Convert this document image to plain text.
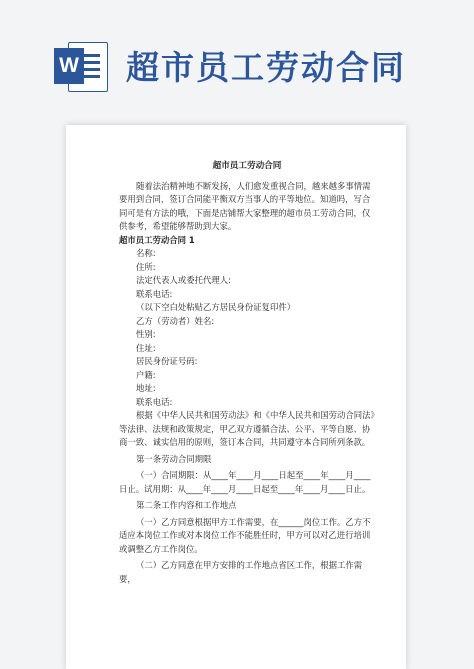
W 超市员工劳动合同

超市员工劳动合同

随着法治精神地不断发扬，人们愈发重视合同，越来越多事情需要用到合同，签订合同能平衡双方当事人的平等地位。知道吗，写合同可是有方法的哦，下面是店铺帮大家整理的超市员工劳动合同，仅供参考，希望能够帮助到大家。

超市员工劳动合同 1

名称:

住所:

法定代表人或委托代理人:

联系电话:

（以下空白处粘贴乙方居民身份证复印件）

乙方（劳动者）姓名:

性别:

住址:

居民身份证号码:

户籍:

地址:

联系电话:

根据《中华人民共和国劳动法》和《中华人民共和国劳动合同法》等法律、法规和政策规定，甲乙双方遵循合法、公平、平等自愿、协商一致、诚实信用的原则，签订本合同，共同遵守本合同所列条款。

第一条劳动合同期限

（一）合同期限：从____年____月____日起至____年____月____日止。试用期：从____年____月____日起至____年____月____日止。

第二条工作内容和工作地点

（一）乙方同意根据甲方工作需要，在______岗位工作。乙方不适应本岗位工作或对本岗位工作不能胜任时，甲方可以对乙进行培训或调整乙方工作岗位。

（二）乙方同意在甲方安排的工作地点省区工作，根据工作需要，
